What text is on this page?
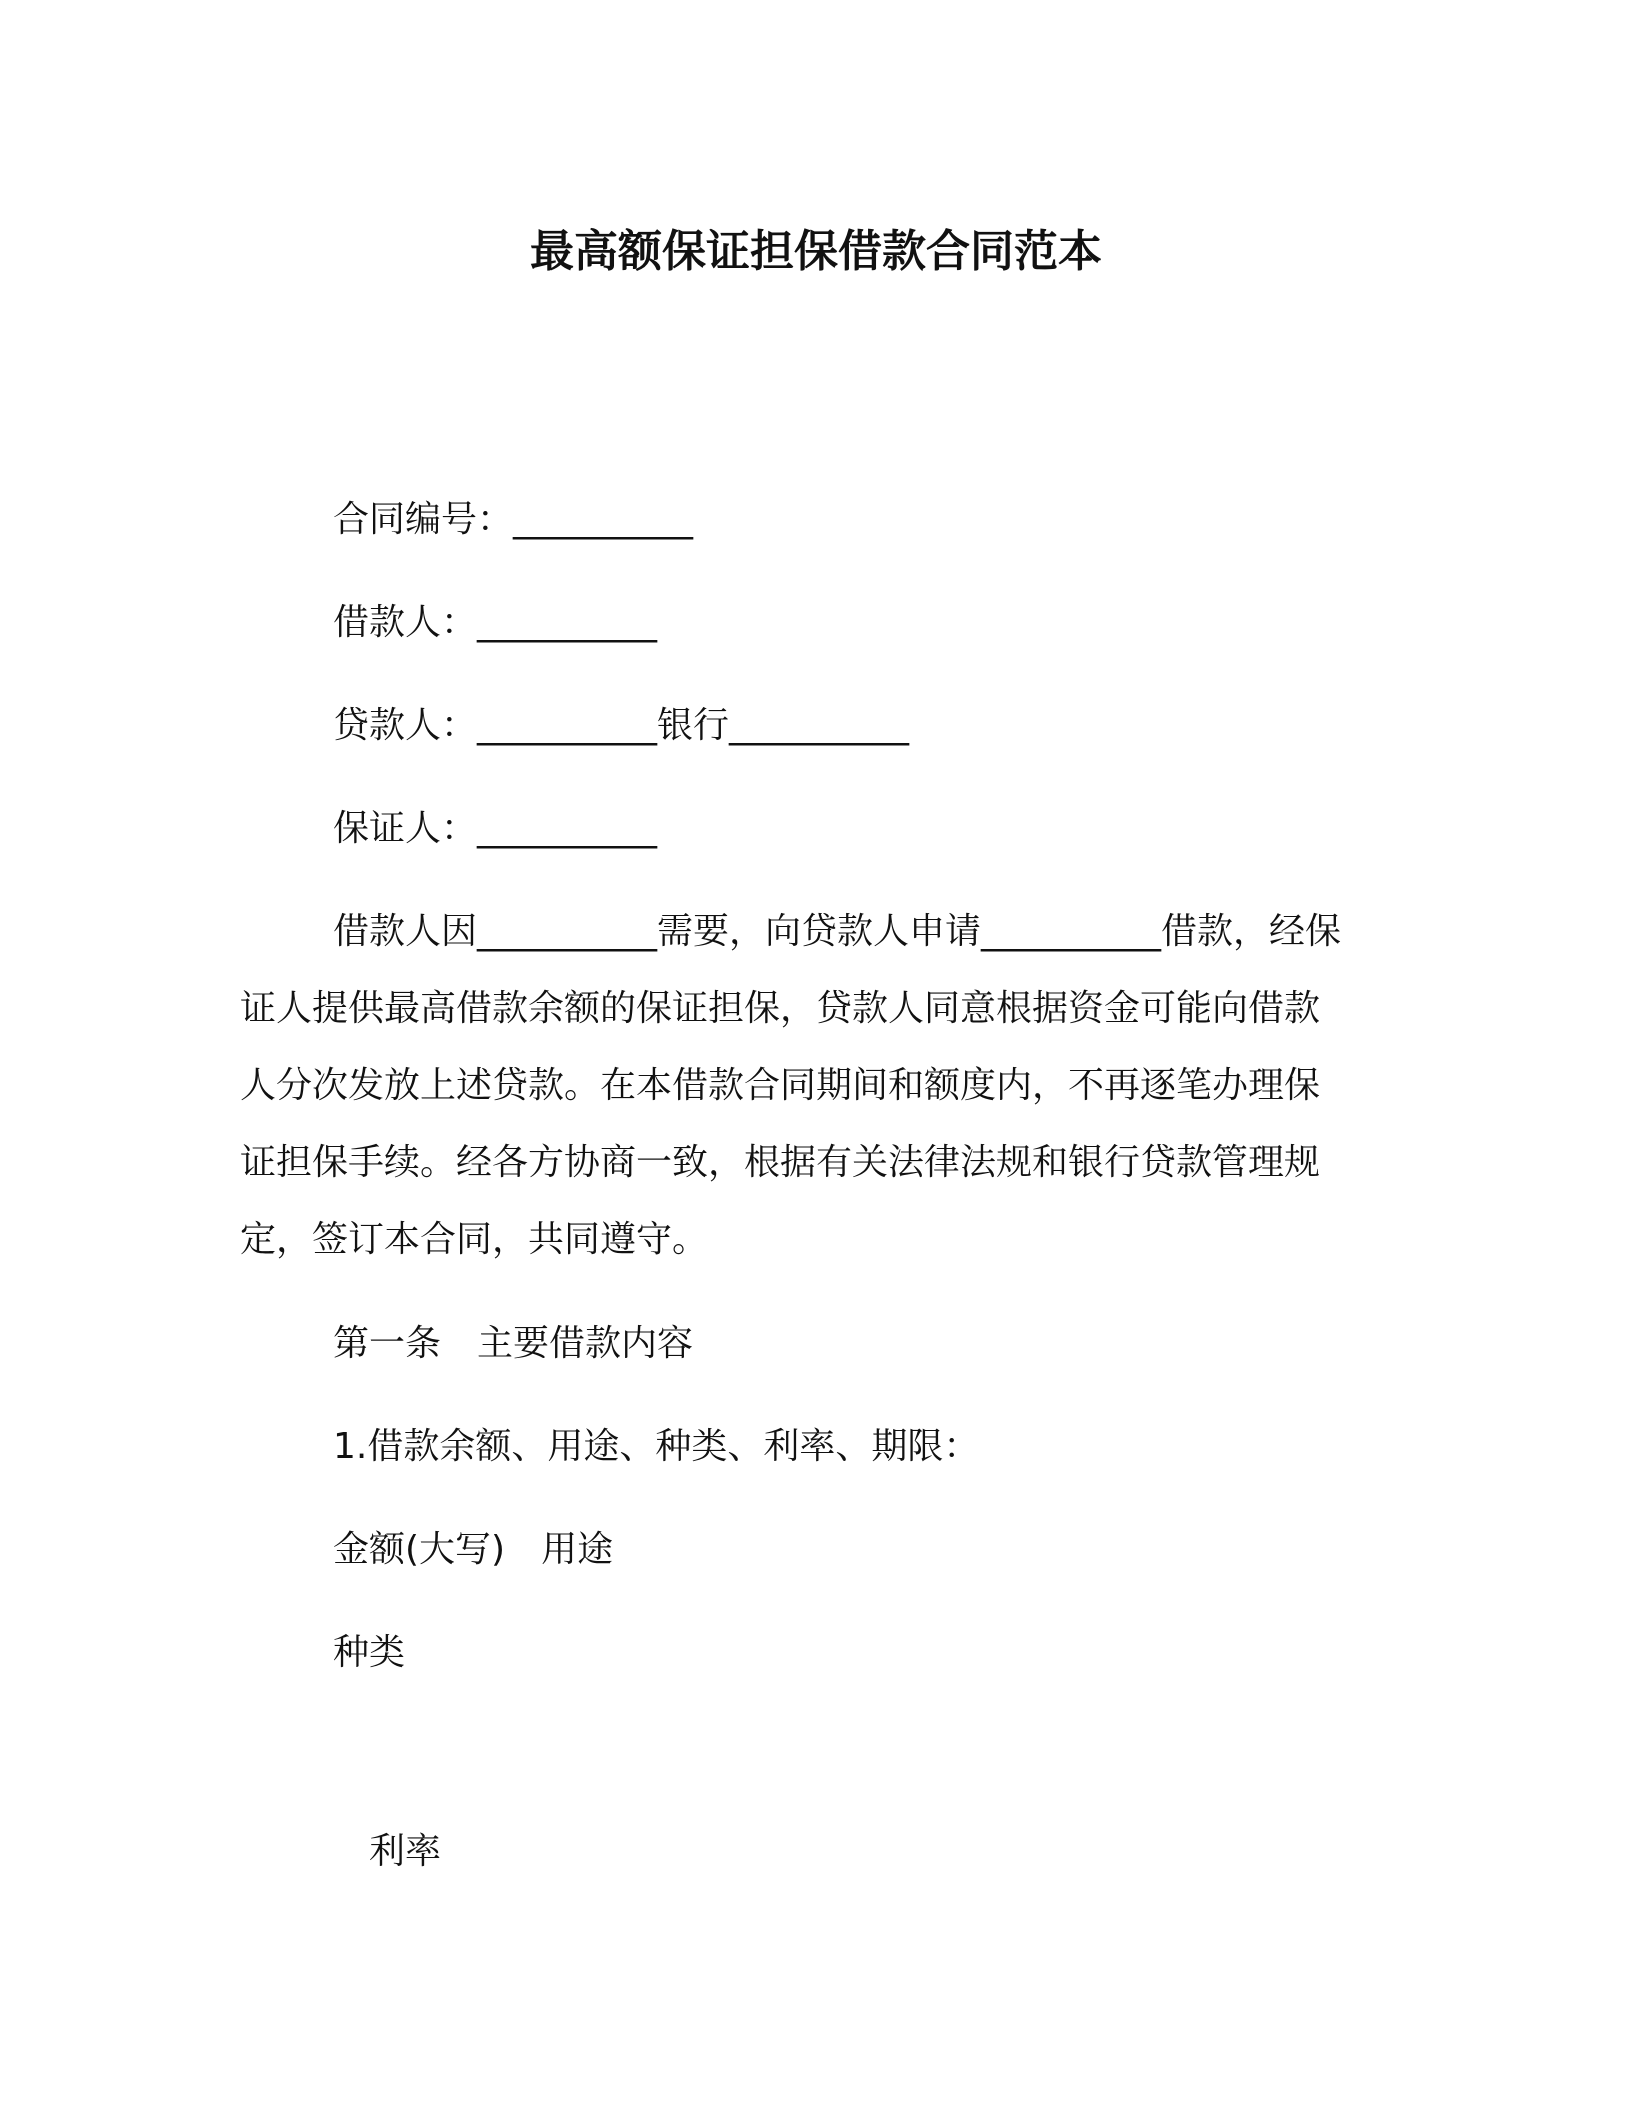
最高额保证担保借款合同范本
合同编号：__________
借款人：__________
贷款人：__________银行__________
保证人：__________
借款人因__________需要，向贷款人申请__________借款，经保
证人提供最高借款余额的保证担保，贷款人同意根据资金可能向借款
人分次发放上述贷款。在本借款合同期间和额度内，不再逐笔办理保
证担保手续。经各方协商一致，根据有关法律法规和银行贷款管理规
定，签订本合同，共同遵守。
第一条　主要借款内容
1.借款余额、用途、种类、利率、期限：
金额(大写)　用途
种类
利率
